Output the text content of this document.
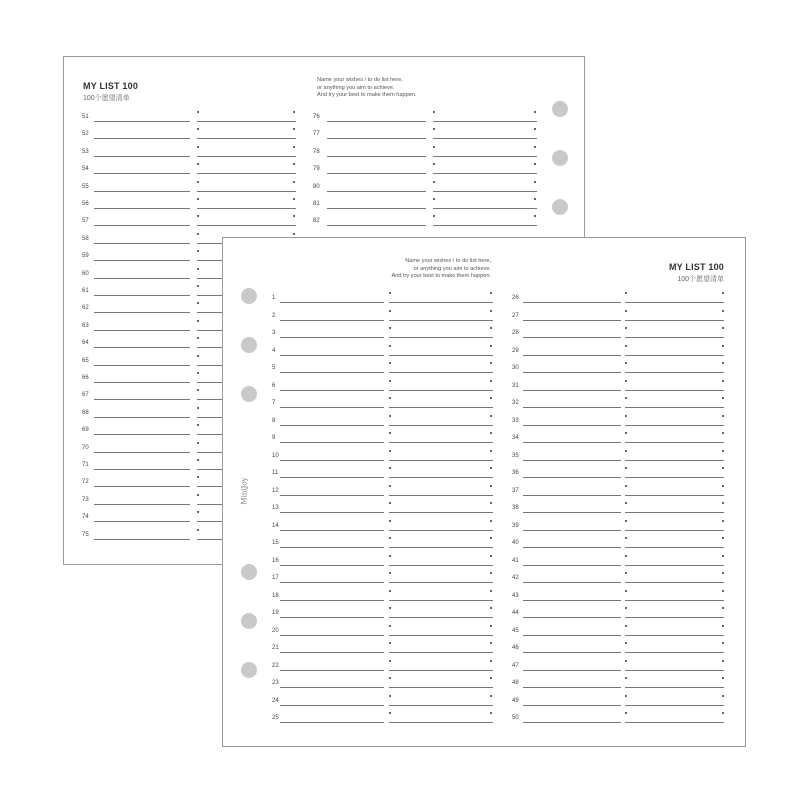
MY LIST 100
100个愿望清单
Name your wishes / to do list here,
or anything you aim to achieve.
And try your best to make them happen.
51
52
53
54
55
56
57
58
59
60
61
62
63
64
65
66
67
68
69
70
71
72
73
74
75
76
77
78
79
80
81
82
Name your wishes / to do list here,
or anything you aim to achieve.
And try your best to make them happen.
MY LIST 100
100个愿望清单
MiniJoy
1
2
3
4
5
6
7
8
9
10
11
12
13
14
15
16
17
18
19
20
21
22
23
24
25
26
27
28
29
30
31
32
33
34
35
36
37
38
39
40
41
42
43
44
45
46
47
48
49
50
